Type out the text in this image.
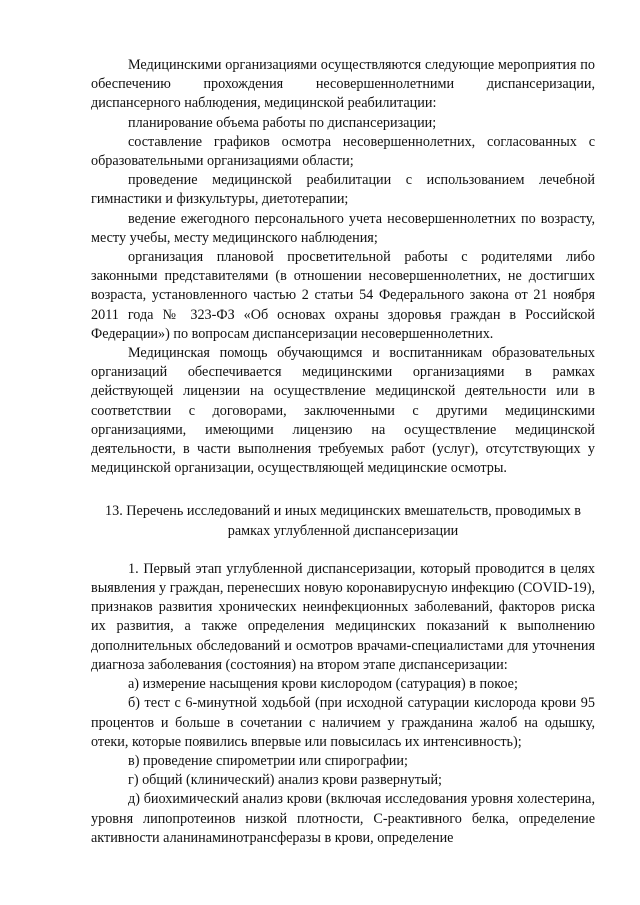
Медицинскими организациями осуществляются следующие мероприятия по обеспечению прохождения несовершеннолетними диспансеризации, диспансерного наблюдения, медицинской реабилитации:

планирование объема работы по диспансеризации;

составление графиков осмотра несовершеннолетних, согласованных с образовательными организациями области;

проведение медицинской реабилитации с использованием лечебной гимнастики и физкультуры, диетотерапии;

ведение ежегодного персонального учета несовершеннолетних по возрасту, месту учебы, месту медицинского наблюдения;

организация плановой просветительной работы с родителями либо законными представителями (в отношении несовершеннолетних, не достигших возраста, установленного частью 2 статьи 54 Федерального закона от 21 ноября 2011 года № 323-ФЗ «Об основах охраны здоровья граждан в Российской Федерации») по вопросам диспансеризации несовершеннолетних.

Медицинская помощь обучающимся и воспитанникам образовательных организаций обеспечивается медицинскими организациями в рамках действующей лицензии на осуществление медицинской деятельности или в соответствии с договорами, заключенными с другими медицинскими организациями, имеющими лицензию на осуществление медицинской деятельности, в части выполнения требуемых работ (услуг), отсутствующих у медицинской организации, осуществляющей медицинские осмотры.

13. Перечень исследований и иных медицинских вмешательств, проводимых в рамках углубленной диспансеризации

1. Первый этап углубленной диспансеризации, который проводится в целях выявления у граждан, перенесших новую коронавирусную инфекцию (COVID-19), признаков развития хронических неинфекционных заболеваний, факторов риска их развития, а также определения медицинских показаний к выполнению дополнительных обследований и осмотров врачами-специалистами для уточнения диагноза заболевания (состояния) на втором этапе диспансеризации:

а) измерение насыщения крови кислородом (сатурация) в покое;

б) тест с 6-минутной ходьбой (при исходной сатурации кислорода крови 95 процентов и больше в сочетании с наличием у гражданина жалоб на одышку, отеки, которые появились впервые или повысилась их интенсивность);

в) проведение спирометрии или спирографии;

г) общий (клинический) анализ крови развернутый;

д) биохимический анализ крови (включая исследования уровня холестерина, уровня липопротеинов низкой плотности, С-реактивного белка, определение активности аланинаминотрансферазы в крови, определение
